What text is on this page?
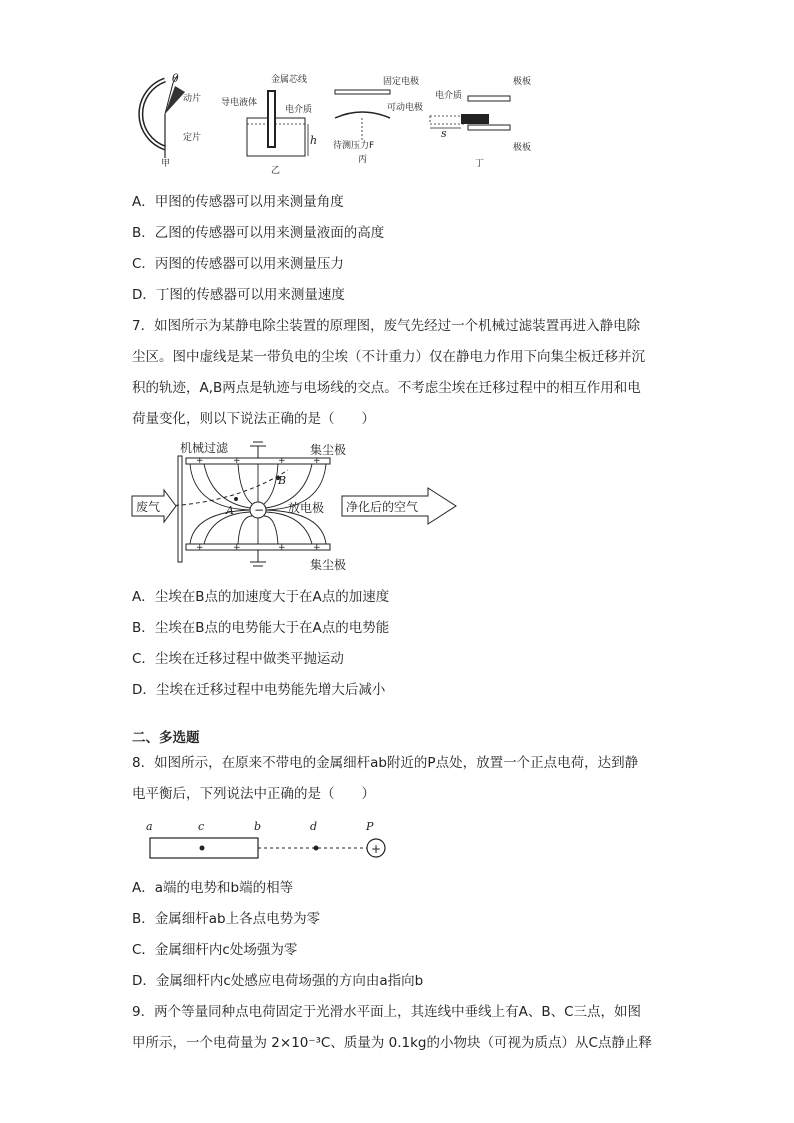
θ
动片
定片
甲
金属芯线
导电液体
电介质
h
乙
固定电极
可动电极
待测压力F
丙
s
电介质
极板
极板
丁
A．甲图的传感器可以用来测量角度
B．乙图的传感器可以用来测量液面的高度
C．丙图的传感器可以用来测量压力
D．丁图的传感器可以用来测量速度
7．如图所示为某静电除尘装置的原理图，废气先经过一个机械过滤装置再进入静电除
尘区。图中虚线是某一带负电的尘埃（不计重力）仅在静电力作用下向集尘板迁移并沉
积的轨迹，A,B两点是轨迹与电场线的交点。不考虑尘埃在迁移过程中的相互作用和电
荷量变化，则以下说法正确的是（　　）
+	+	+	+
+	+	+	+
−
A
B
机械过滤	集尘极
集尘极
放电极
废气	净化后的空气
A．尘埃在B点的加速度大于在A点的加速度
B．尘埃在B点的电势能大于在A点的电势能
C．尘埃在迁移过程中做类平抛运动
D．尘埃在迁移过程中电势能先增大后减小
二、多选题
8．如图所示，在原来不带电的金属细杆ab附近的P点处，放置一个正点电荷，达到静
电平衡后，下列说法中正确的是（　　）
+
a	c	b	d	P
A．a端的电势和b端的相等
B．金属细杆ab上各点电势为零
C．金属细杆内c处场强为零
D．金属细杆内c处感应电荷场强的方向由a指向b
9．两个等量同种点电荷固定于光滑水平面上，其连线中垂线上有A、B、C三点，如图
甲所示，一个电荷量为 2×10⁻³C、质量为 0.1kg的小物块（可视为质点）从C点静止释
